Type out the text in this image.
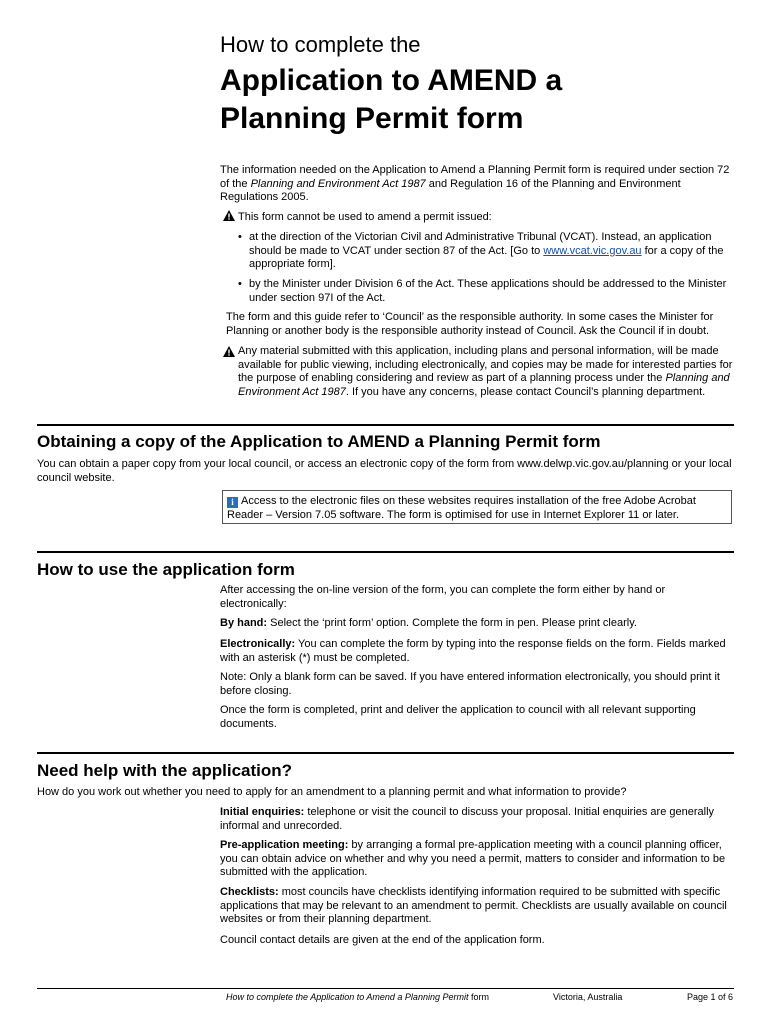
How to complete the
Application to AMEND a
Planning Permit form
The information needed on the Application to Amend a Planning Permit form is required under section 72 of the Planning and Environment Act 1987 and Regulation 16 of the Planning and Environment Regulations 2005.
This form cannot be used to amend a permit issued:
• at the direction of the Victorian Civil and Administrative Tribunal (VCAT). Instead, an application should be made to VCAT under section 87 of the Act. [Go to www.vcat.vic.gov.au for a copy of the appropriate form].
• by the Minister under Division 6 of the Act. These applications should be addressed to the Minister under section 97I of the Act.
The form and this guide refer to ‘Council’ as the responsible authority. In some cases the Minister for Planning or another body is the responsible authority instead of Council. Ask the Council if in doubt.
Any material submitted with this application, including plans and personal information, will be made available for public viewing, including electronically, and copies may be made for interested parties for the purpose of enabling considering and review as part of a planning process under the Planning and Environment Act 1987. If you have any concerns, please contact Council’s planning department.
Obtaining a copy of the Application to AMEND a Planning Permit form
You can obtain a paper copy from your local council, or access an electronic copy of the form from www.delwp.vic.gov.au/planning or your local council website.
i Access to the electronic files on these websites requires installation of the free Adobe Acrobat Reader – Version 7.05 software. The form is optimised for use in Internet Explorer 11 or later.
How to use the application form
After accessing the on-line version of the form, you can complete the form either by hand or electronically:
By hand: Select the ‘print form’ option. Complete the form in pen. Please print clearly.
Electronically: You can complete the form by typing into the response fields on the form. Fields marked with an asterisk (*) must be completed.
Note: Only a blank form can be saved. If you have entered information electronically, you should print it before closing.
Once the form is completed, print and deliver the application to council with all relevant supporting documents.
Need help with the application?
How do you work out whether you need to apply for an amendment to a planning permit and what information to provide?
Initial enquiries: telephone or visit the council to discuss your proposal. Initial enquiries are generally informal and unrecorded.
Pre-application meeting: by arranging a formal pre-application meeting with a council planning officer, you can obtain advice on whether and why you need a permit, matters to consider and information to be submitted with the application.
Checklists: most councils have checklists identifying information required to be submitted with specific applications that may be relevant to an amendment to permit. Checklists are usually available on council websites or from their planning department.
Council contact details are given at the end of the application form.
How to complete the Application to Amend a Planning Permit form	Victoria, Australia	Page 1 of 6
